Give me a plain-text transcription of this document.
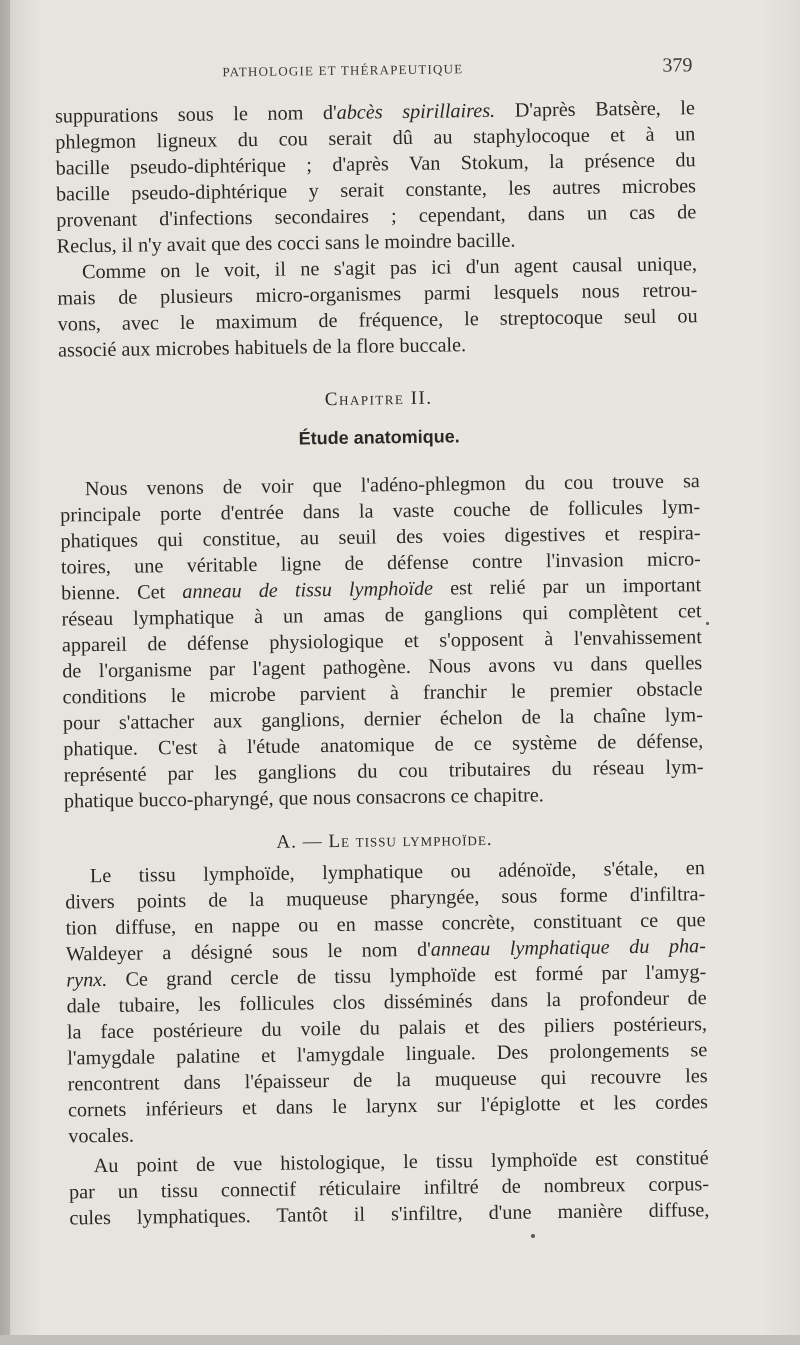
PATHOLOGIE ET THÉRAPEUTIQUE	379
suppurations sous le nom d'abcès spirillaires. D'après Batsère, le
phlegmon ligneux du cou serait dû au staphylocoque et à un
bacille pseudo-diphtérique ; d'après Van Stokum, la présence du
bacille pseudo-diphtérique y serait constante, les autres microbes
provenant d'infections secondaires ; cependant, dans un cas de
Reclus, il n'y avait que des cocci sans le moindre bacille.
Comme on le voit, il ne s'agit pas ici d'un agent causal unique,
mais de plusieurs micro-organismes parmi lesquels nous retrou-
vons, avec le maximum de fréquence, le streptocoque seul ou
associé aux microbes habituels de la flore buccale.
Chapitre II.
Étude anatomique.
Nous venons de voir que l'adéno-phlegmon du cou trouve sa
principale porte d'entrée dans la vaste couche de follicules lym-
phatiques qui constitue, au seuil des voies digestives et respira-
toires, une véritable ligne de défense contre l'invasion micro-
bienne. Cet anneau de tissu lymphoïde est relié par un important
réseau lymphatique à un amas de ganglions qui complètent cet
appareil de défense physiologique et s'opposent à l'envahissement
de l'organisme par l'agent pathogène. Nous avons vu dans quelles
conditions le microbe parvient à franchir le premier obstacle
pour s'attacher aux ganglions, dernier échelon de la chaîne lym-
phatique. C'est à l'étude anatomique de ce système de défense,
représenté par les ganglions du cou tributaires du réseau lym-
phatique bucco-pharyngé, que nous consacrons ce chapitre.
A. — Le tissu lymphoïde.
Le tissu lymphoïde, lymphatique ou adénoïde, s'étale, en
divers points de la muqueuse pharyngée, sous forme d'infiltra-
tion diffuse, en nappe ou en masse concrète, constituant ce que
Waldeyer a désigné sous le nom d'anneau lymphatique du pha-
rynx. Ce grand cercle de tissu lymphoïde est formé par l'amyg-
dale tubaire, les follicules clos disséminés dans la profondeur de
la face postérieure du voile du palais et des piliers postérieurs,
l'amygdale palatine et l'amygdale linguale. Des prolongements se
rencontrent dans l'épaisseur de la muqueuse qui recouvre les
cornets inférieurs et dans le larynx sur l'épiglotte et les cordes
vocales.
Au point de vue histologique, le tissu lymphoïde est constitué
par un tissu connectif réticulaire infiltré de nombreux corpus-
cules lymphatiques. Tantôt il s'infiltre, d'une manière diffuse,
